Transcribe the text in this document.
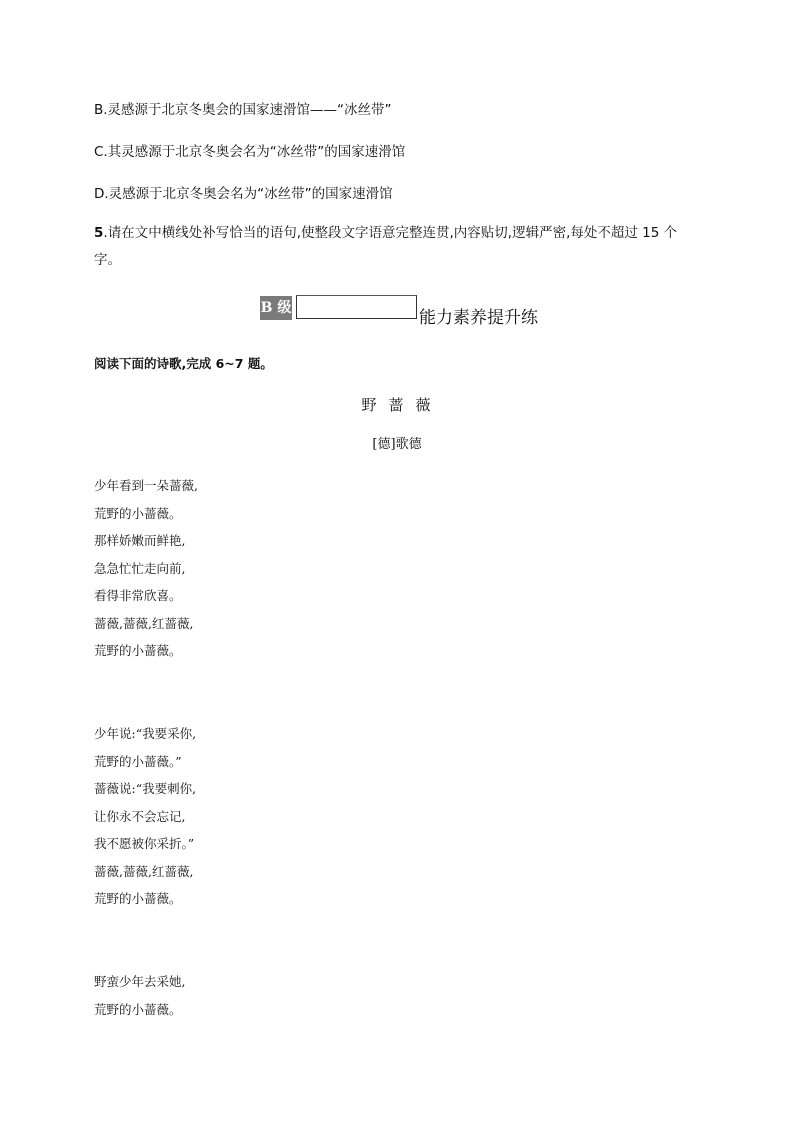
B.灵感源于北京冬奥会的国家速滑馆——“冰丝带”
C.其灵感源于北京冬奥会名为“冰丝带”的国家速滑馆
D.灵感源于北京冬奥会名为“冰丝带”的国家速滑馆
5.请在文中横线处补写恰当的语句,使整段文字语意完整连贯,内容贴切,逻辑严密,每处不超过 15 个
字。
B 级	能力素养提升练
阅读下面的诗歌,完成 6~7 题。
野蔷薇
[德]歌德
少年看到一朵蔷薇,
荒野的小蔷薇。
那样娇嫩而鲜艳,
急急忙忙走向前,
看得非常欣喜。
蔷薇,蔷薇,红蔷薇,
荒野的小蔷薇。
少年说:“我要采你,
荒野的小蔷薇。”
蔷薇说:“我要刺你,
让你永不会忘记,
我不愿被你采折。”
蔷薇,蔷薇,红蔷薇,
荒野的小蔷薇。
野蛮少年去采她,
荒野的小蔷薇。
